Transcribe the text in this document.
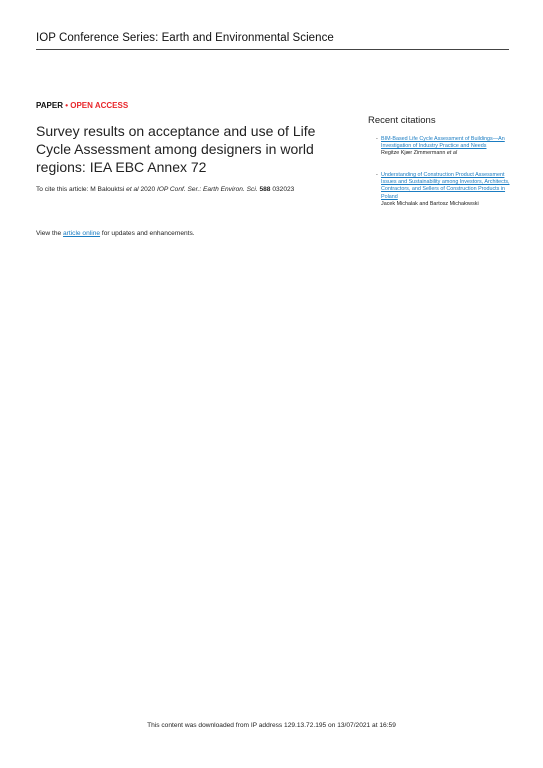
IOP Conference Series: Earth and Environmental Science
PAPER • OPEN ACCESS
Survey results on acceptance and use of Life Cycle Assessment among designers in world regions: IEA EBC Annex 72
To cite this article: M Balouktsi et al 2020 IOP Conf. Ser.: Earth Environ. Sci. 588 032023
View the article online for updates and enhancements.
Recent citations
- BIM-Based Life Cycle Assessment of Buildings—An Investigation of Industry Practice and Needs
Regitze Kjær Zimmermann et al
- Understanding of Construction Product Assessment Issues and Sustainability among Investors, Architects, Contractors, and Sellers of Construction Products in Poland
Jacek Michalak and Bartosz Michałowski
This content was downloaded from IP address 129.13.72.195 on 13/07/2021 at 16:59
